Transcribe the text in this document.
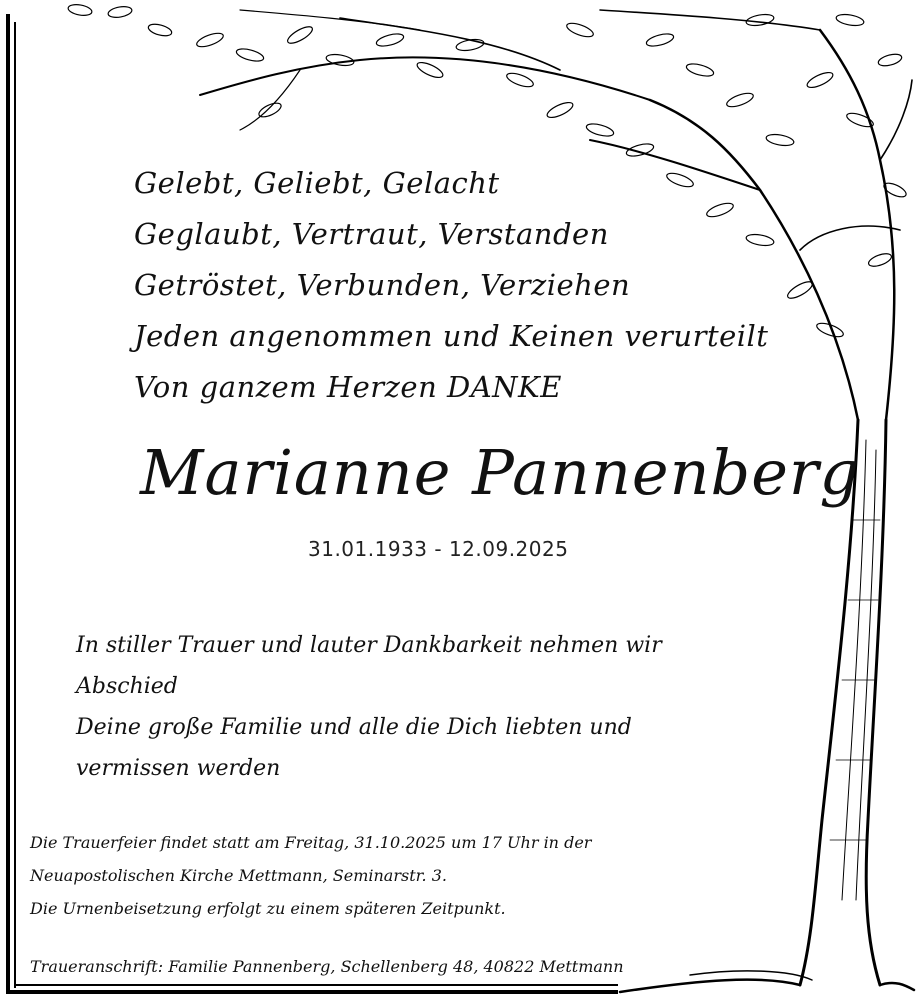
Gelebt, Geliebt, Gelacht
Geglaubt, Vertraut, Verstanden
Getröstet, Verbunden, Verziehen
Jeden angenommen und Keinen verurteilt
Von ganzem Herzen DANKE
Marianne Pannenberg
31.01.1933 - 12.09.2025
In stiller Trauer und lauter Dankbarkeit nehmen wir
Abschied
Deine große Familie und alle die Dich liebten und
vermissen werden
Die Trauerfeier findet statt am Freitag, 31.10.2025 um 17 Uhr in der
Neuapostolischen Kirche Mettmann, Seminarstr. 3.
Die Urnenbeisetzung erfolgt zu einem späteren Zeitpunkt.
Traueranschrift: Familie Pannenberg, Schellenberg 48, 40822 Mettmann
